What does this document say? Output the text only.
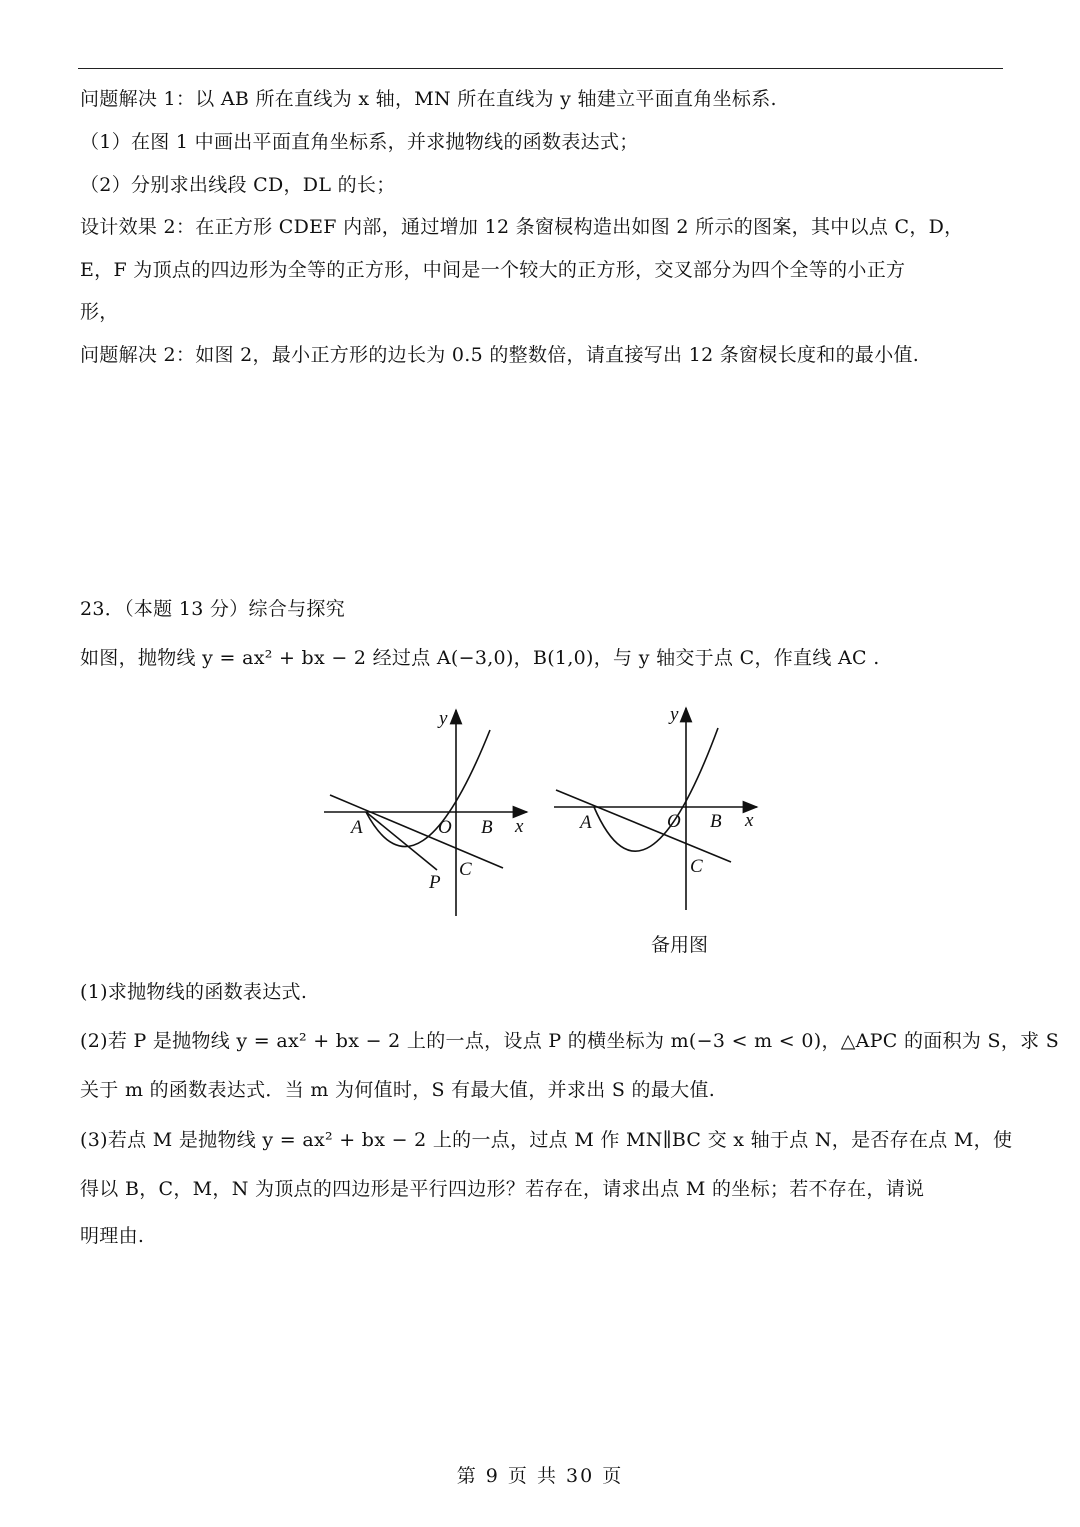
问题解决 1：以 AB 所在直线为 x 轴，MN 所在直线为 y 轴建立平面直角坐标系.
（1）在图 1 中画出平面直角坐标系，并求抛物线的函数表达式；
（2）分别求出线段 CD，DL 的长；
设计效果 2：在正方形 CDEF 内部，通过增加 12 条窗棂构造出如图 2 所示的图案，其中以点 C，D，
E，F 为顶点的四边形为全等的正方形，中间是一个较大的正方形，交叉部分为四个全等的小正方
形，
问题解决 2：如图 2，最小正方形的边长为 0.5 的整数倍，请直接写出 12 条窗棂长度和的最小值.
23．（本题 13 分）综合与探究
如图，抛物线 y = ax² + bx − 2 经过点 A(−3,0)，B(1,0)，与 y 轴交于点 C，作直线 AC .
y
x
A	O B
C
P
y
x
A	O B
C
备用图
(1)求抛物线的函数表达式.
(2)若 P 是抛物线 y = ax² + bx − 2 上的一点，设点 P 的横坐标为 m(−3 < m < 0)，△APC 的面积为 S，求 S
关于 m 的函数表达式．当 m 为何值时，S 有最大值，并求出 S 的最大值.
(3)若点 M 是抛物线 y = ax² + bx − 2 上的一点，过点 M 作 MN∥BC 交 x 轴于点 N，是否存在点 M，使
得以 B，C，M，N 为顶点的四边形是平行四边形？若存在，请求出点 M 的坐标；若不存在，请说
明理由.
第 9 页 共 30 页
